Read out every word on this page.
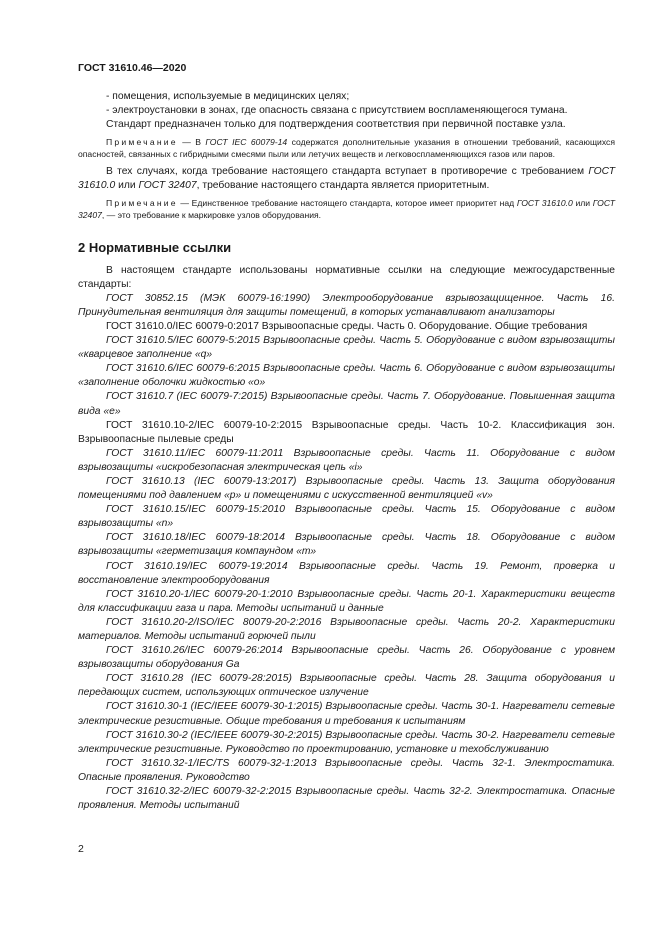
ГОСТ 31610.46—2020

- помещения, используемые в медицинских целях;

- электроустановки в зонах, где опасность связана с присутствием воспламеняющегося тумана.

Стандарт предназначен только для подтверждения соответствия при первичной поставке узла.

Примечание — В ГОСТ IEC 60079-14 содержатся дополнительные указания в отношении требований, касающихся опасностей, связанных с гибридными смесями пыли или летучих веществ и легковоспламеняющихся газов или паров.

В тех случаях, когда требование настоящего стандарта вступает в противоречие с требованием ГОСТ 31610.0 или ГОСТ 32407, требование настоящего стандарта является приоритетным.

Примечание — Единственное требование настоящего стандарта, которое имеет приоритет над ГОСТ 31610.0 или ГОСТ 32407, — это требование к маркировке узлов оборудования.

2 Нормативные ссылки

В настоящем стандарте использованы нормативные ссылки на следующие межгосударственные стандарты:

ГОСТ 30852.15 (МЭК 60079-16:1990) Электрооборудование взрывозащищенное. Часть 16. Принудительная вентиляция для защиты помещений, в которых устанавливают анализаторы

ГОСТ 31610.0/IEC 60079-0:2017 Взрывоопасные среды. Часть 0. Оборудование. Общие требования

ГОСТ 31610.5/IEC 60079-5:2015 Взрывоопасные среды. Часть 5. Оборудование с видом взрывозащиты «кварцевое заполнение «q»

ГОСТ 31610.6/IEC 60079-6:2015 Взрывоопасные среды. Часть 6. Оборудование с видом взрывозащиты «заполнение оболочки жидкостью «о»

ГОСТ 31610.7 (IEC 60079-7:2015) Взрывоопасные среды. Часть 7. Оборудование. Повышенная защита вида «е»

ГОСТ 31610.10-2/IEC 60079-10-2:2015 Взрывоопасные среды. Часть 10-2. Классификация зон. Взрывоопасные пылевые среды

ГОСТ 31610.11/IEC 60079-11:2011 Взрывоопасные среды. Часть 11. Оборудование с видом взрывозащиты «искробезопасная электрическая цепь «i»

ГОСТ 31610.13 (IEC 60079-13:2017) Взрывоопасные среды. Часть 13. Защита оборудования помещениями под давлением «р» и помещениями с искусственной вентиляцией «v»

ГОСТ 31610.15/IEC 60079-15:2010 Взрывоопасные среды. Часть 15. Оборудование с видом взрывозащиты «n»

ГОСТ 31610.18/IEC 60079-18:2014 Взрывоопасные среды. Часть 18. Оборудование с видом взрывозащиты «герметизация компаундом «m»

ГОСТ 31610.19/IEC 60079-19:2014 Взрывоопасные среды. Часть 19. Ремонт, проверка и восстановление электрооборудования

ГОСТ 31610.20-1/IEC 60079-20-1:2010 Взрывоопасные среды. Часть 20-1. Характеристики веществ для классификации газа и пара. Методы испытаний и данные

ГОСТ 31610.20-2/ISO/IEC 80079-20-2:2016 Взрывоопасные среды. Часть 20-2. Характеристики материалов. Методы испытаний горючей пыли

ГОСТ 31610.26/IEC 60079-26:2014 Взрывоопасные среды. Часть 26. Оборудование с уровнем взрывозащиты оборудования Ga

ГОСТ 31610.28 (IEC 60079-28:2015) Взрывоопасные среды. Часть 28. Защита оборудования и передающих систем, использующих оптическое излучение

ГОСТ 31610.30-1 (IEC/IEEE 60079-30-1:2015) Взрывоопасные среды. Часть 30-1. Нагреватели сетевые электрические резистивные. Общие требования и требования к испытаниям

ГОСТ 31610.30-2 (IEC/IEEE 60079-30-2:2015) Взрывоопасные среды. Часть 30-2. Нагреватели сетевые электрические резистивные. Руководство по проектированию, установке и техобслуживанию

ГОСТ 31610.32-1/IEC/TS 60079-32-1:2013 Взрывоопасные среды. Часть 32-1. Электростатика. Опасные проявления. Руководство

ГОСТ 31610.32-2/IEC 60079-32-2:2015 Взрывоопасные среды. Часть 32-2. Электростатика. Опасные проявления. Методы испытаний

2
